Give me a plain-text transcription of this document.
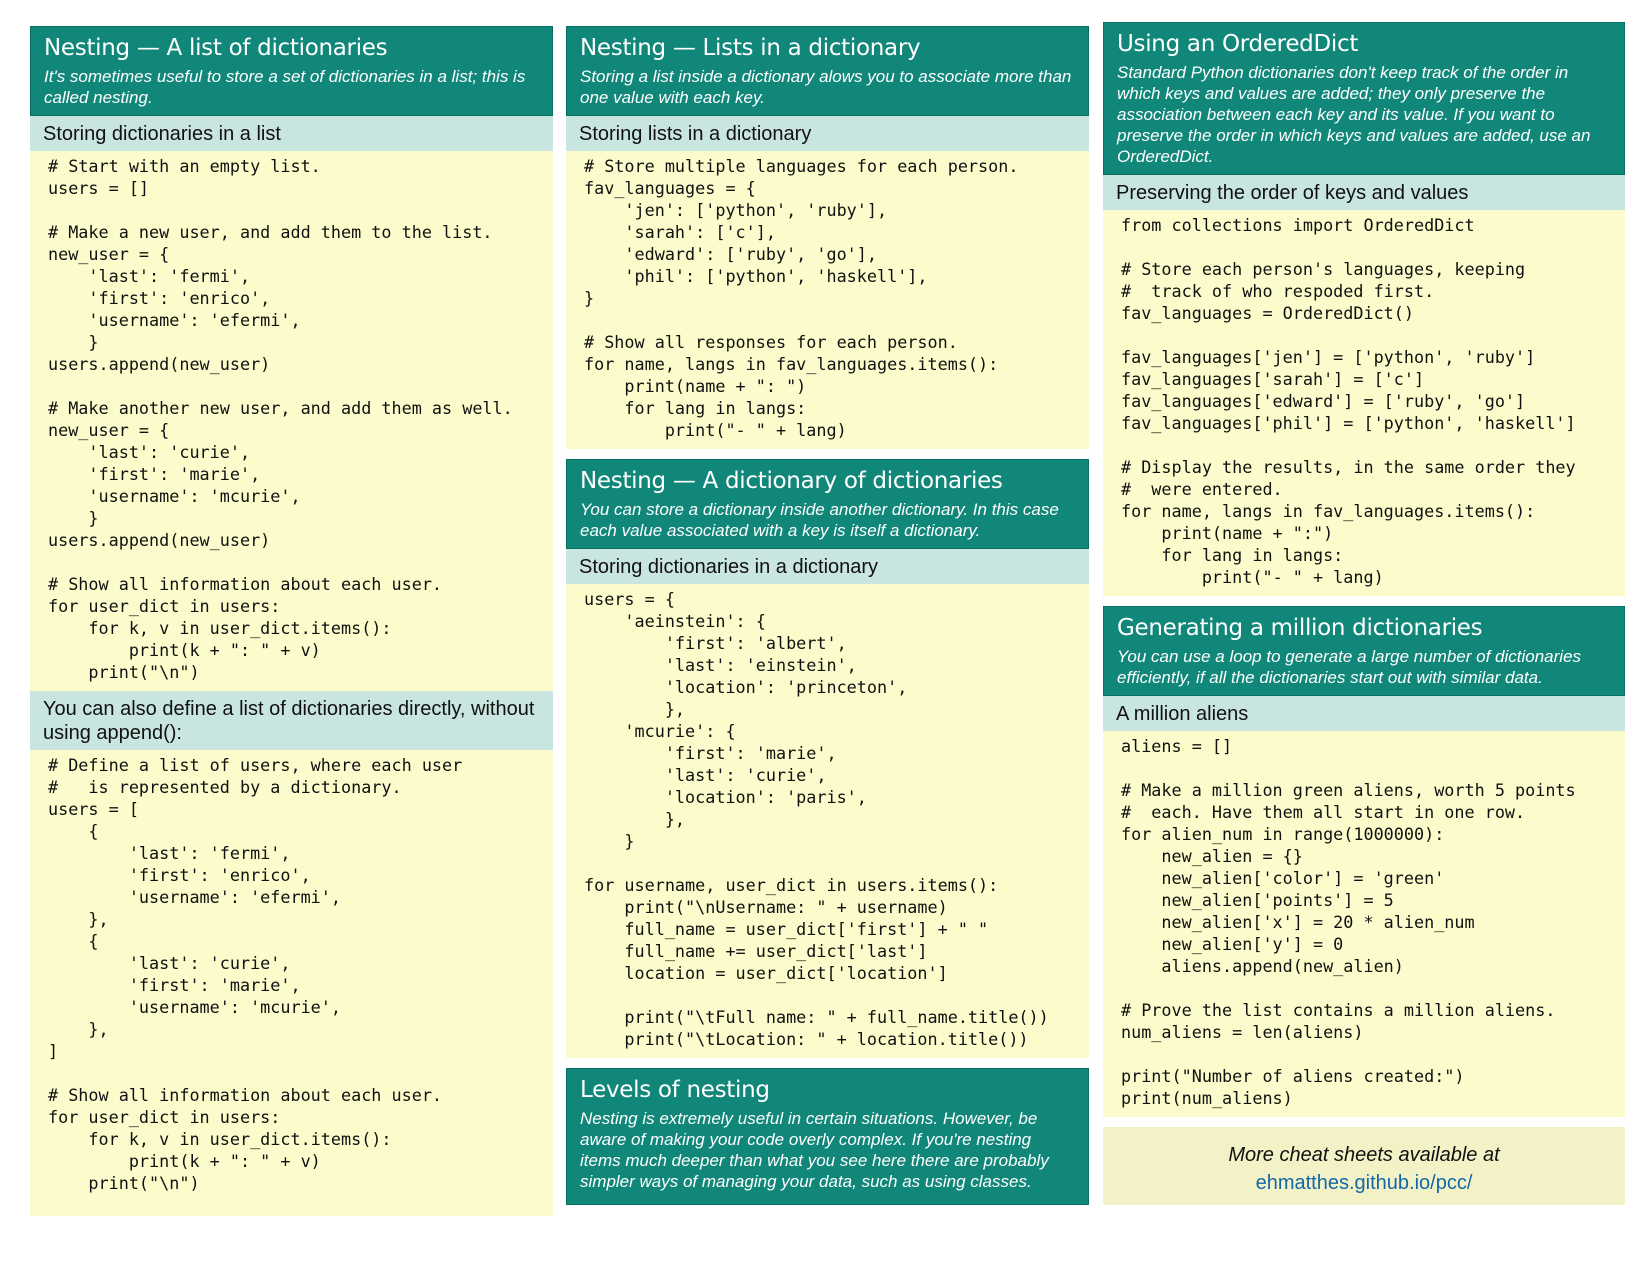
Nesting — A list of dictionaries

It's sometimes useful to store a set of dictionaries in a list; this is called nesting.

Storing dictionaries in a list
# Start with an empty list.
users = []

# Make a new user, and add them to the list.
new_user = {
'last': 'fermi',
'first': 'enrico',
'username': 'efermi',
}
users.append(new_user)

# Make another new user, and add them as well.
new_user = {
'last': 'curie',
'first': 'marie',
'username': 'mcurie',
}
users.append(new_user)

# Show all information about each user.
for user_dict in users:
for k, v in user_dict.items():
print(k + ": " + v)
print("\n")
You can also define a list of dictionaries directly, without using append():
# Define a list of users, where each user
#   is represented by a dictionary.
users = [
{
'last': 'fermi',
'first': 'enrico',
'username': 'efermi',
},
{
'last': 'curie',
'first': 'marie',
'username': 'mcurie',
},
]

# Show all information about each user.
for user_dict in users:
for k, v in user_dict.items():
print(k + ": " + v)
print("\n")
Nesting — Lists in a dictionary

Storing a list inside a dictionary alows you to associate more than one value with each key.

Storing lists in a dictionary
# Store multiple languages for each person.
fav_languages = {
'jen': ['python', 'ruby'],
'sarah': ['c'],
'edward': ['ruby', 'go'],
'phil': ['python', 'haskell'],
}

# Show all responses for each person.
for name, langs in fav_languages.items():
print(name + ": ")
for lang in langs:
print("- " + lang)
Nesting — A dictionary of dictionaries

You can store a dictionary inside another dictionary. In this case each value associated with a key is itself a dictionary.

Storing dictionaries in a dictionary
users = {
'aeinstein': {
'first': 'albert',
'last': 'einstein',
'location': 'princeton',
},
'mcurie': {
'first': 'marie',
'last': 'curie',
'location': 'paris',
},
}

for username, user_dict in users.items():
print("\nUsername: " + username)
full_name = user_dict['first'] + " "
full_name += user_dict['last']
location = user_dict['location']

print("\tFull name: " + full_name.title())
print("\tLocation: " + location.title())
Levels of nesting

Nesting is extremely useful in certain situations. However, be aware of making your code overly complex. If you're nesting items much deeper than what you see here there are probably simpler ways of managing your data, such as using classes.

Using an OrderedDict

Standard Python dictionaries don't keep track of the order in which keys and values are added; they only preserve the association between each key and its value. If you want to preserve the order in which keys and values are added, use an OrderedDict.

Preserving the order of keys and values
from collections import OrderedDict

# Store each person's languages, keeping
#  track of who respoded first.
fav_languages = OrderedDict()

fav_languages['jen'] = ['python', 'ruby']
fav_languages['sarah'] = ['c']
fav_languages['edward'] = ['ruby', 'go']
fav_languages['phil'] = ['python', 'haskell']

# Display the results, in the same order they
#  were entered.
for name, langs in fav_languages.items():
print(name + ":")
for lang in langs:
print("- " + lang)
Generating a million dictionaries

You can use a loop to generate a large number of dictionaries efficiently, if all the dictionaries start out with similar data.

A million aliens
aliens = []

# Make a million green aliens, worth 5 points
#  each. Have them all start in one row.
for alien_num in range(1000000):
new_alien = {}
new_alien['color'] = 'green'
new_alien['points'] = 5
new_alien['x'] = 20 * alien_num
new_alien['y'] = 0
aliens.append(new_alien)

# Prove the list contains a million aliens.
num_aliens = len(aliens)

print("Number of aliens created:")
print(num_aliens)
More cheat sheets available at
ehmatthes.github.io/pcc/
